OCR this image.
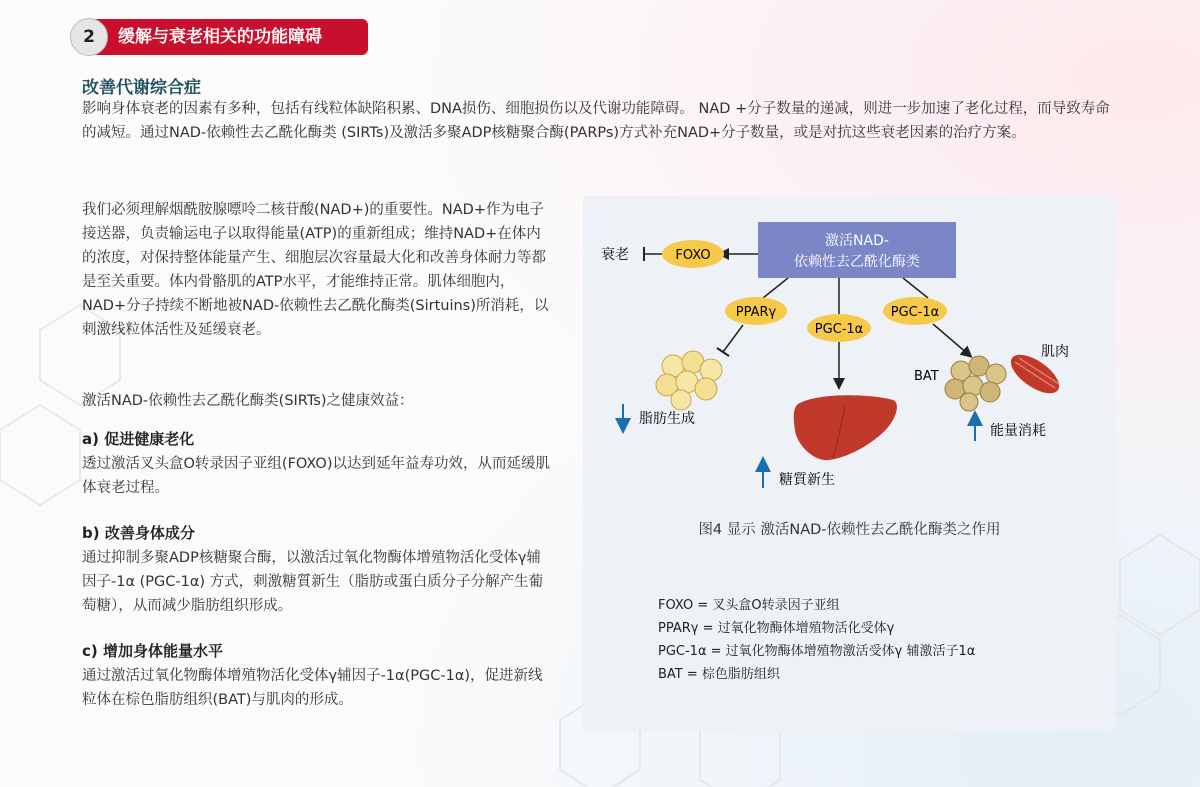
2	缓解与衰老相关的功能障碍
改善代谢综合症

影响身体衰老的因素有多种，包括有线粒体缺陷积累、DNA损伤、细胞损伤以及代谢功能障碍。 NAD +分子数量的递减，则进一步加速了老化过程，而导致寿命的减短。通过NAD-依赖性去乙酰化酶类 (SIRTs)及激活多聚ADP核糖聚合酶(PARPs)方式补充NAD+分子数量，或是对抗这些衰老因素的治疗方案。

我们必须理解烟酰胺腺嘌呤二核苷酸(NAD+)的重要性。NAD+作为电子接送器，负责输运电子以取得能量(ATP)的重新组成；维持NAD+在体内的浓度，对保持整体能量产生、细胞层次容量最大化和改善身体耐力等都是至关重要。体内骨骼肌的ATP水平，才能维持正常。肌体细胞内，NAD+分子持续不断地被NAD-依赖性去乙酰化酶类(Sirtuins)所消耗，以刺激线粒体活性及延缓衰老。

激活NAD-依赖性去乙酰化酶类(SIRTs)之健康效益：

a) 促进健康老化

透过激活叉头盒O转录因子亚组(FOXO)以达到延年益寿功效，从而延缓肌体衰老过程。

b) 改善身体成分

通过抑制多聚ADP核糖聚合酶，以激活过氧化物酶体增殖物活化受体γ辅因子-1α (PGC-1α) 方式，刺激糖質新生（脂肪或蛋白质分子分解产生葡萄糖），从而减少脂肪组织形成。

c) 增加身体能量水平

通过激活过氧化物酶体增殖物活化受体γ辅因子-1α(PGC-1α)，促进新线粒体在棕色脂肪组织(BAT)与肌肉的形成。

激活NAD-
依赖性去乙酰化酶类
FOXO
衰老
PPARγ
PGC-1α
PGC-1α
脂肪生成
糖質新生
BAT
肌肉
能量消耗
图4 显示 激活NAD-依赖性去乙酰化酶类之作用
FOXO = 叉头盒O转录因子亚组
PPARγ = 过氧化物酶体增殖物活化受体γ
PGC-1α = 过氧化物酶体增殖物激活受体γ 辅激活子1α
BAT = 棕色脂肪组织
